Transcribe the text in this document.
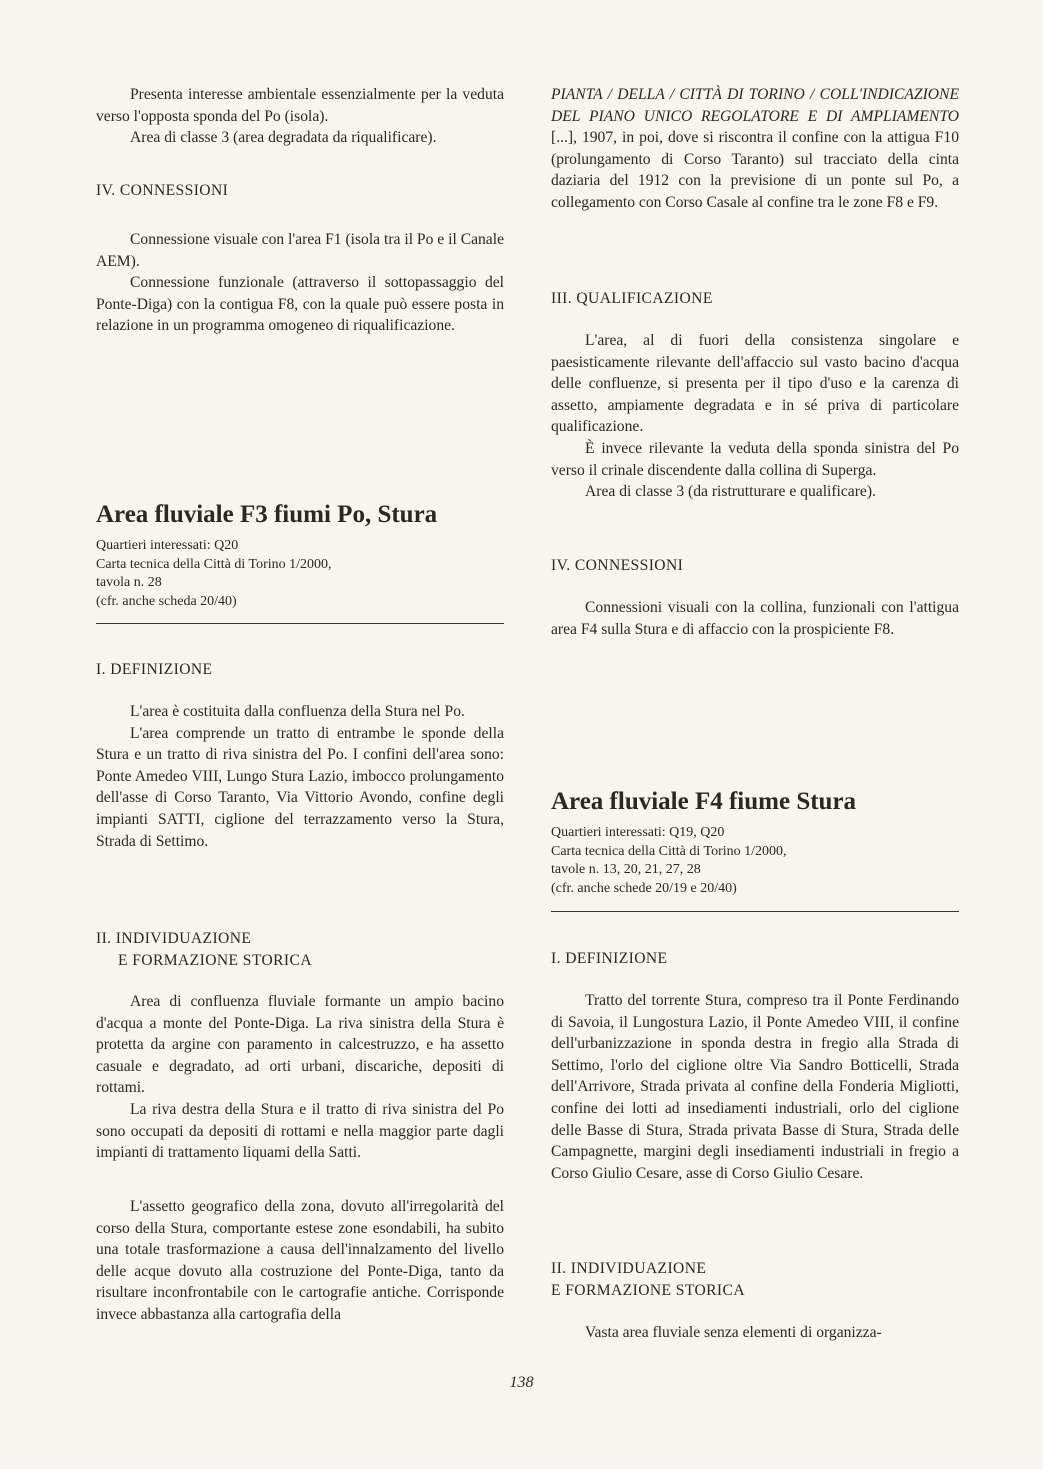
Presenta interesse ambientale essenzialmente per la veduta verso l'opposta sponda del Po (isola).

Area di classe 3 (area degradata da riqualificare).

IV. CONNESSIONI

Connessione visuale con l'area F1 (isola tra il Po e il Canale AEM).

Connessione funzionale (attraverso il sottopassaggio del Ponte-Diga) con la contigua F8, con la quale può essere posta in relazione in un programma omogeneo di riqualificazione.

Area fluviale F3 fiumi Po, Stura
Quartieri interessati: Q20
Carta tecnica della Città di Torino 1/2000,
tavola n. 28
(cfr. anche scheda 20/40)
I. DEFINIZIONE

L'area è costituita dalla confluenza della Stura nel Po.

L'area comprende un tratto di entrambe le sponde della Stura e un tratto di riva sinistra del Po. I confini dell'area sono: Ponte Amedeo VIII, Lungo Stura Lazio, imbocco prolungamento dell'asse di Corso Taranto, Via Vittorio Avondo, confine degli impianti SATTI, ciglione del terrazzamento verso la Stura, Strada di Settimo.

II. INDIVIDUAZIONE
E FORMAZIONE STORICA

Area di confluenza fluviale formante un ampio bacino d'acqua a monte del Ponte-Diga. La riva sinistra della Stura è protetta da argine con paramento in calcestruzzo, e ha assetto casuale e degradato, ad orti urbani, discariche, depositi di rottami.

La riva destra della Stura e il tratto di riva sinistra del Po sono occupati da depositi di rottami e nella maggior parte dagli impianti di trattamento liquami della Satti.

L'assetto geografico della zona, dovuto all'irregolarità del corso della Stura, comportante estese zone esondabili, ha subito una totale trasformazione a causa dell'innalzamento del livello delle acque dovuto alla costruzione del Ponte-Diga, tanto da risultare inconfrontabile con le cartografie antiche. Corrisponde invece abbastanza alla cartografia della

PIANTA / DELLA / CITTÀ DI TORINO / COLL'INDICAZIONE DEL PIANO UNICO REGOLATORE E DI AMPLIAMENTO [...], 1907, in poi, dove si riscontra il confine con la attigua F10 (prolungamento di Corso Taranto) sul tracciato della cinta daziaria del 1912 con la previsione di un ponte sul Po, a collegamento con Corso Casale al confine tra le zone F8 e F9.

III. QUALIFICAZIONE

L'area, al di fuori della consistenza singolare e paesisticamente rilevante dell'affaccio sul vasto bacino d'acqua delle confluenze, si presenta per il tipo d'uso e la carenza di assetto, ampiamente degradata e in sé priva di particolare qualificazione.

È invece rilevante la veduta della sponda sinistra del Po verso il crinale discendente dalla collina di Superga.

Area di classe 3 (da ristrutturare e qualificare).

IV. CONNESSIONI

Connessioni visuali con la collina, funzionali con l'attigua area F4 sulla Stura e di affaccio con la prospiciente F8.

Area fluviale F4 fiume Stura
Quartieri interessati: Q19, Q20
Carta tecnica della Città di Torino 1/2000,
tavole n. 13, 20, 21, 27, 28
(cfr. anche schede 20/19 e 20/40)
I. DEFINIZIONE

Tratto del torrente Stura, compreso tra il Ponte Ferdinando di Savoia, il Lungostura Lazio, il Ponte Amedeo VIII, il confine dell'urbanizzazione in sponda destra in fregio alla Strada di Settimo, l'orlo del ciglione oltre Via Sandro Botticelli, Strada dell'Arrivore, Strada privata al confine della Fonderia Migliotti, confine dei lotti ad insediamenti industriali, orlo del ciglione delle Basse di Stura, Strada privata Basse di Stura, Strada delle Campagnette, margini degli insediamenti industriali in fregio a Corso Giulio Cesare, asse di Corso Giulio Cesare.

II. INDIVIDUAZIONE
E FORMAZIONE STORICA

Vasta area fluviale senza elementi di organizza-

138
